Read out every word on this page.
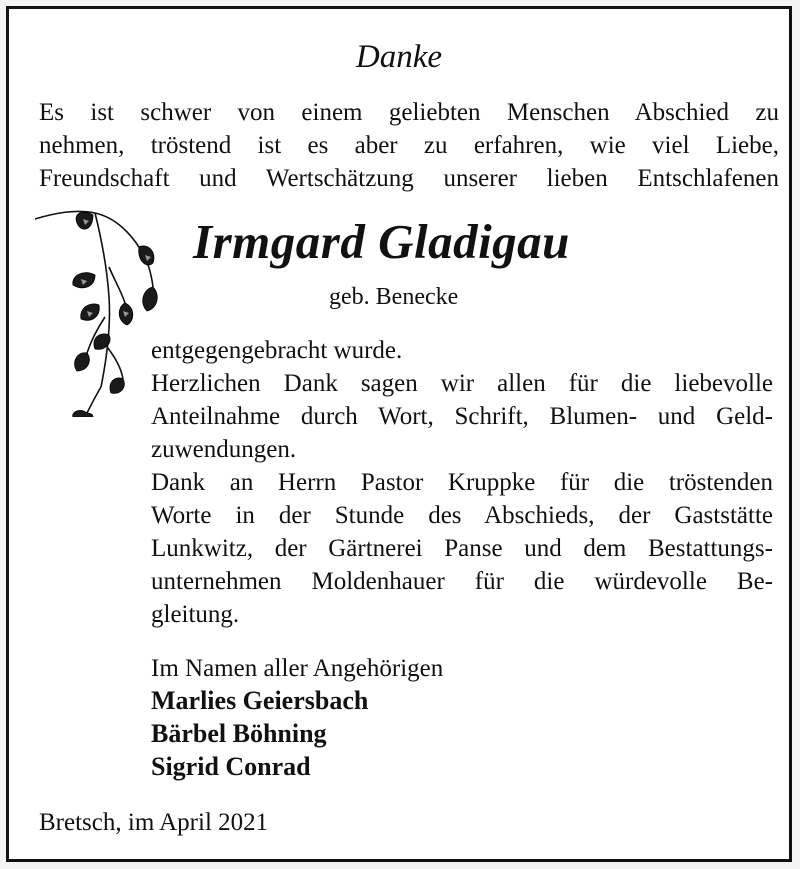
Danke
Es ist schwer von einem geliebten Menschen Abschied zu
nehmen, tröstend ist es aber zu erfahren, wie viel Liebe,
Freundschaft und Wertschätzung unserer lieben Entschlafenen
Irmgard Gladigau
geb. Benecke
entgegengebracht wurde.
Herzlichen Dank sagen wir allen für die liebevolle
Anteilnahme durch Wort, Schrift, Blumen- und Geld-
zuwendungen.
Dank an Herrn Pastor Kruppke für die tröstenden
Worte in der Stunde des Abschieds, der Gaststätte
Lunkwitz, der Gärtnerei Panse und dem Bestattungs-
unternehmen Moldenhauer für die würdevolle Be-
gleitung.
Im Namen aller Angehörigen
Marlies Geiersbach
Bärbel Böhning
Sigrid Conrad
Bretsch, im April 2021
